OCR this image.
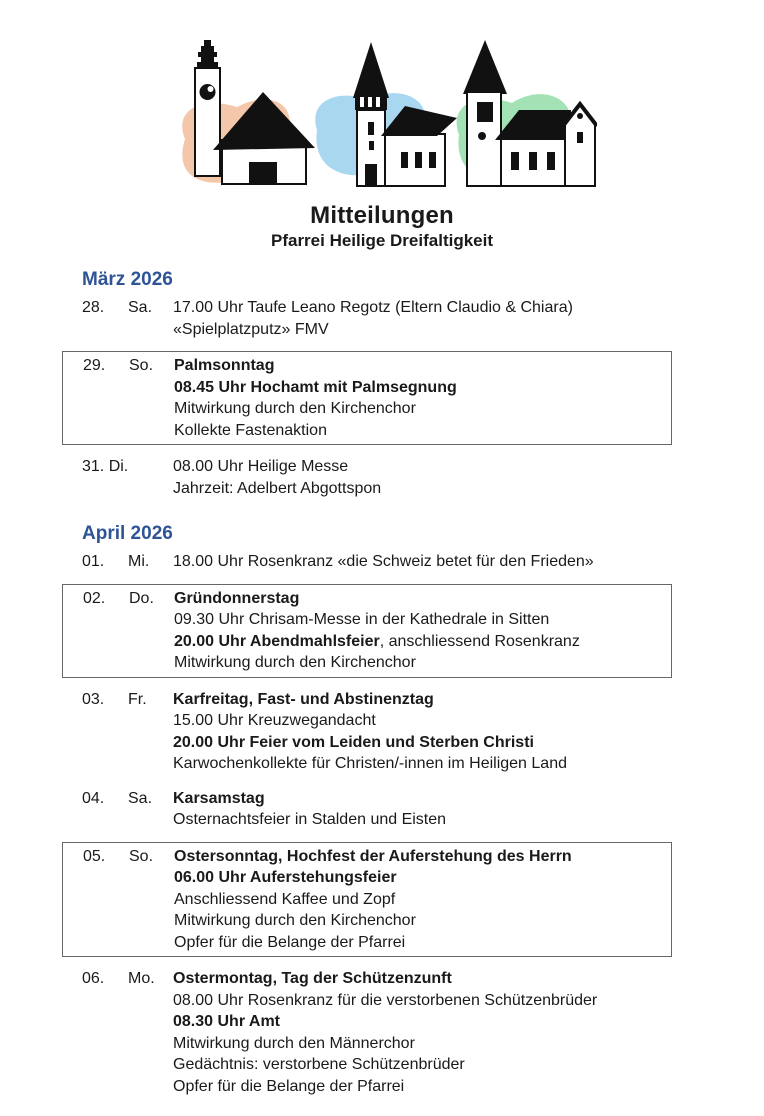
Mitteilungen
Pfarrei Heilige Dreifaltigkeit
März 2026
28.	Sa.	17.00 Uhr Taufe Leano Regotz (Eltern Claudio & Chiara)
«Spielplatzputz» FMV
29.	So.	Palmsonntag
08.45 Uhr Hochamt mit Palmsegnung
Mitwirkung durch den Kirchenchor
Kollekte Fastenaktion
31. Di.	08.00 Uhr Heilige Messe
Jahrzeit: Adelbert Abgottspon
April 2026
01.	Mi.	18.00 Uhr Rosenkranz «die Schweiz betet für den Frieden»
02.	Do.	Gründonnerstag
09.30 Uhr Chrisam-Messe in der Kathedrale in Sitten
20.00 Uhr Abendmahlsfeier, anschliessend Rosenkranz
Mitwirkung durch den Kirchenchor
03.	Fr.	Karfreitag, Fast- und Abstinenztag
15.00 Uhr Kreuzwegandacht
20.00 Uhr Feier vom Leiden und Sterben Christi
Karwochenkollekte für Christen/-innen im Heiligen Land
04.	Sa.	Karsamstag
Osternachtsfeier in Stalden und Eisten
05.	So.	Ostersonntag, Hochfest der Auferstehung des Herrn
06.00 Uhr Auferstehungsfeier
Anschliessend Kaffee und Zopf
Mitwirkung durch den Kirchenchor
Opfer für die Belange der Pfarrei
06.	Mo.	Ostermontag, Tag der Schützenzunft
08.00 Uhr Rosenkranz für die verstorbenen Schützenbrüder
08.30 Uhr Amt
Mitwirkung durch den Männerchor
Gedächtnis: verstorbene Schützenbrüder
Opfer für die Belange der Pfarrei
